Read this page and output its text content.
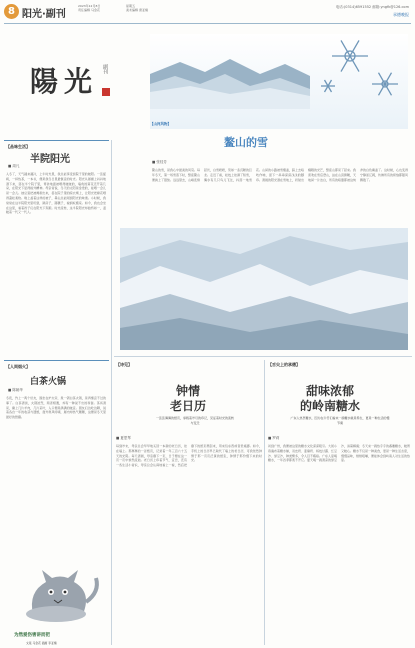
8 阳光·副刊
2023年12月8日
责任编辑 马金花
星期五
美术编辑 唐亚楠
电话:(0314)6591552 邮箱:yngfk@126.com
承德晚报
陽光 副刊
【山河风物】
【品味生活】
半院阳光
■ 周凡
入冬了，天气越来越冷，上午时光里，我总能享受到院子里的暖阳。一张摇椅，一杯热茶，一本书，便是我冬日里最惬意的时光。阳光从屋檐上斜斜地洒下来，落在半个院子里，青砖地面被晒得暖暖的，墙角的菊花还开着几朵，在阳光下显得格外精神。母亲常说，冬天的太阳是金贵的，能晒一会儿是一会儿。她总爱把被褥抱出来，搭在院子里的晾衣绳上，让阳光把棉花晒得蓬松柔软。晚上盖着这样的被子，鼻尖总能闻到阳光的味道。小时候，我常常在这半院阳光里玩耍，跳房子，踢毽子，看蚂蚁搬家。如今，我也会坐在这里，看着孩子们在阳光下奔跑。时光流转，这半院阳光却始终如一，温暖着一代又一代人。
【人间烟火】
白茶火锅
■ 陈朝华
冬夜，约上一两个好友，围坐在炉火旁，煮一锅白茶火锅，是再惬意不过的事了。白茶清淡，火锅浓烈，两者相遇，却有一种说不出的和谐。茶汤清亮，涮上几片羊肉，几片菜叶，入口便是满满的暖意。朋友们边吃边聊，说着各自一年的收获与遗憾，窗外寒风呼啸，屋内却热气腾腾，这便是冬天里最好的慰藉。
为然爱伤害讲而把
文案 马金花 插画 李亚楠
鳌山的雪
■ 张桂芳
鳌山的雪，是我心中最美的风景。每年冬天，第一场雪落下时，整座鳌山便换上了银装。远远望去，山峰连绵起伏，白雪皑皑，宛如一条沉睡的巨龙。走近了看，松枝上挂满了积雪，偶尔有几只鸟儿飞过，抖落一地雪花。山间的小路被雪覆盖，踩上去咯吱作响，留下一串串深深浅浅的脚印。清晨的阳光洒在雪地上，折射出耀眼的光芒，整座山都亮了起来。我喜欢在雪后登山，站在山顶俯瞰，天地间一片洁白，所有的喧嚣都被这纯净的白色掩盖了。这时候，心也变得宁静而辽阔，仿佛所有的烦恼都随风飘散了。
【诗见】
钟情
老日历
一张张薄薄的纸页，承载着岁月的印记，见证着时光的流转与变迁
■ 夏思琴
每到岁末，母亲总会早早地买回一本新的老日历，挂在墙上。那厚厚的一沓纸页，记录着一年三百六十五天的光阴。每天清晨，母亲撕下一页，日子便在这一页一页中悄然流逝。老日历上印着节气、宜忌，还有一些生活小常识，母亲总会认真地看上一看，然后把撕下的纸页攒起来，用来包东西或者垫桌脚。如今，手机上的日历早已取代了墙上的老日历，可我依然钟情于那一页页泛黄的纸张，钟情于那份慢下来的时光。
【舌尖上的承德】
甜味浓郁
的岭南糖水
广东人热衷糖水，因为在牛仔们看来一碗糖水就是养生，更是一种生活的慢节奏
■ 罗莉
初到广州，我便被这里的糖水文化深深吸引。大街小巷遍布着糖水铺，双皮奶、姜撞奶、杨枝甘露、红豆沙、绿豆沙，种类繁多，令人目不暇接。广东人爱喝糖水，一年四季都离不开它。夏天喝一碗清凉的绿豆沙，消暑解渴；冬天来一碗热乎乎的番薯糖水，暖胃又暖心。糖水不仅是一种美食，更是一种生活态度，慢慢品味，细细咀嚼，便能体会到岭南人对生活的热爱。
